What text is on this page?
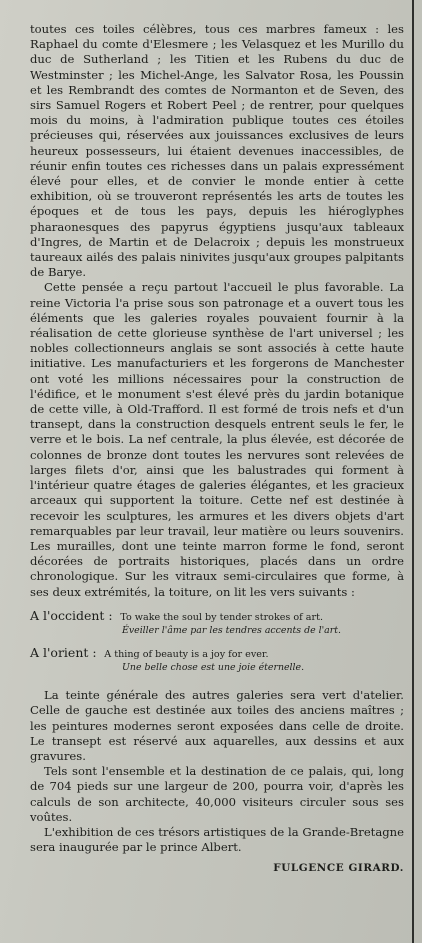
toutes ces toiles célèbres, tous ces marbres fameux : les Raphael du comte d'Elesmere ; les Velasquez et les Murillo du duc de Sutherland ; les Titien et les Rubens du duc de Westminster ; les Michel-Ange, les Salvator Rosa, les Poussin et les Rembrandt des comtes de Normanton et de Seven, des sirs Samuel Rogers et Robert Peel ; de rentrer, pour quelques mois du moins, à l'admiration publique toutes ces étoiles précieuses qui, réservées aux jouissances exclusives de leurs heureux possesseurs, lui étaient devenues inaccessibles, de réunir enfin toutes ces richesses dans un palais expressément élevé pour elles, et de convier le monde entier à cette exhibition, où se trouveront représentés les arts de toutes les époques et de tous les pays, depuis les hiéroglyphes pharaonesques des papyrus égyptiens jusqu'aux tableaux d'Ingres, de Martin et de Delacroix ; depuis les monstrueux taureaux ailés des palais ninivites jusqu'aux groupes palpitants de Barye.

Cette pensée a reçu partout l'accueil le plus favorable. La reine Victoria l'a prise sous son patronage et a ouvert tous les éléments que les galeries royales pouvaient fournir à la réalisation de cette glorieuse synthèse de l'art universel ; les nobles collectionneurs anglais se sont associés à cette haute initiative. Les manufacturiers et les forgerons de Manchester ont voté les millions nécessaires pour la construction de l'édifice, et le monument s'est élevé près du jardin botanique de cette ville, à Old-Trafford. Il est formé de trois nefs et d'un transept, dans la construction desquels entrent seuls le fer, le verre et le bois. La nef centrale, la plus élevée, est décorée de colonnes de bronze dont toutes les nervures sont relevées de larges filets d'or, ainsi que les balustrades qui forment à l'intérieur quatre étages de galeries élégantes, et les gracieux arceaux qui supportent la toiture. Cette nef est destinée à recevoir les sculptures, les armures et les divers objets d'art remarquables par leur travail, leur matière ou leurs souvenirs. Les murailles, dont une teinte marron forme le fond, seront décorées de portraits historiques, placés dans un ordre chronologique. Sur les vitraux semi-circulaires que forme, à ses deux extrémités, la toiture, on lit les vers suivants :

A l'occident : To wake the soul by tender strokes of art.
Éveiller l'âme par les tendres accents de l'art.
A l'orient : A thing of beauty is a joy for ever.
Une belle chose est une joie éternelle.

La teinte générale des autres galeries sera vert d'atelier. Celle de gauche est destinée aux toiles des anciens maîtres ; les peintures modernes seront exposées dans celle de droite. Le transept est réservé aux aquarelles, aux dessins et aux gravures.

Tels sont l'ensemble et la destination de ce palais, qui, long de 704 pieds sur une largeur de 200, pourra voir, d'après les calculs de son architecte, 40,000 visiteurs circuler sous ses voûtes.

L'exhibition de ces trésors artistiques de la Grande-Bretagne sera inaugurée par le prince Albert.

FULGENCE GIRARD.
